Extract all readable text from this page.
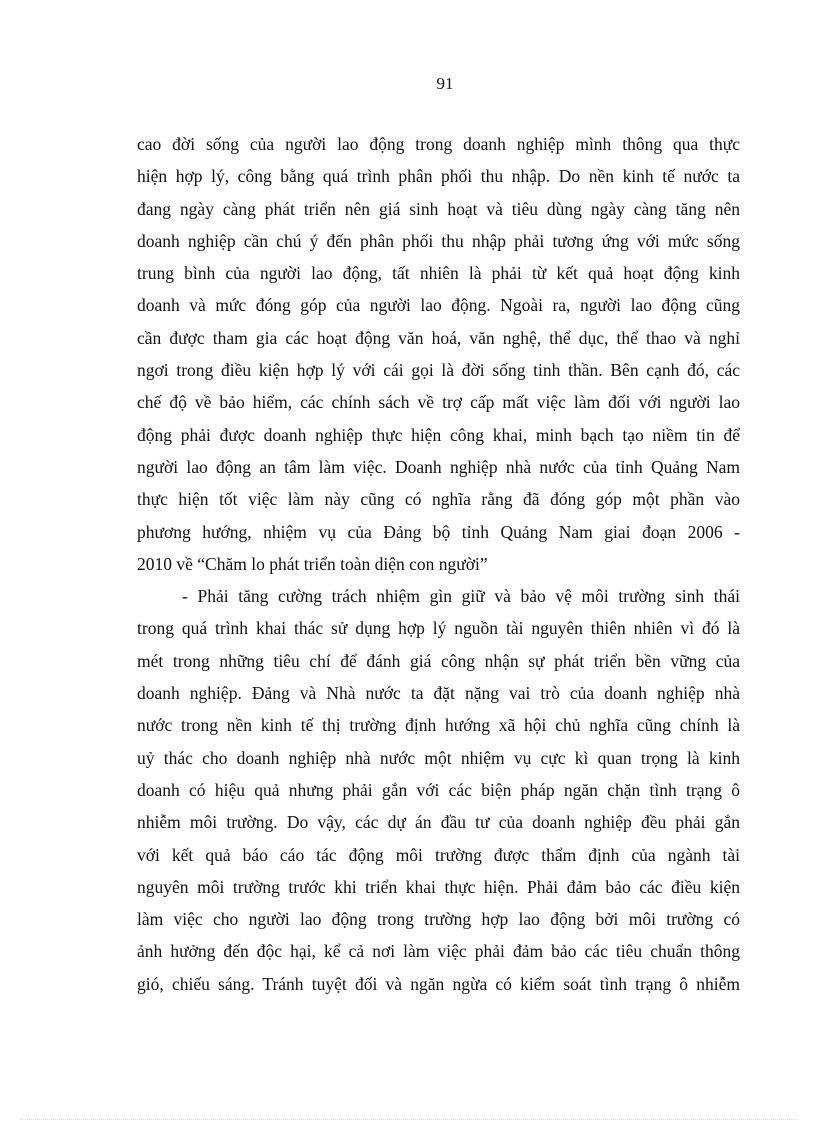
91
cao đời sống của người lao động trong doanh nghiệp mình thông qua thực
hiện hợp lý, công bằng quá trình phân phối thu nhập. Do nền kinh tế nước ta
đang ngày càng phát triển nên giá sinh hoạt và tiêu dùng ngày càng tăng nên
doanh nghiệp cần chú ý đến phân phối thu nhập phải tương ứng với mức sống
trung bình của người lao động, tất nhiên là phải từ kết quả hoạt động kinh
doanh và mức đóng góp của người lao động. Ngoài ra, người lao động cũng
cần được tham gia các hoạt động văn hoá, văn nghệ, thể dục, thể thao và nghỉ
ngơi trong điều kiện hợp lý với cái gọi là đời sống tinh thần. Bên cạnh đó, các
chế độ về bảo hiểm, các chính sách về trợ cấp mất việc làm đối với người lao
động phải được doanh nghiệp thực hiện công khai, minh bạch tạo niềm tin để
người lao động an tâm làm việc. Doanh nghiệp nhà nước của tỉnh Quảng Nam
thực hiện tốt việc làm này cũng có nghĩa rằng đã đóng góp một phần vào
phương hướng, nhiệm vụ của Đảng bộ tỉnh Quảng Nam giai đoạn 2006 -
2010 về “Chăm lo phát triển toàn diện con người”
- Phải tăng cường trách nhiệm gìn giữ và bảo vệ môi trường sinh thái
trong quá trình khai thác sử dụng hợp lý nguồn tài nguyên thiên nhiên vì đó là
mét trong những tiêu chí để đánh giá công nhận sự phát triển bền vững của
doanh nghiệp. Đảng và Nhà nước ta đặt nặng vai trò của doanh nghiệp nhà
nước trong nền kinh tế thị trường định hướng xã hội chủ nghĩa cũng chính là
uỷ thác cho doanh nghiệp nhà nước một nhiệm vụ cực kì quan trọng là kinh
doanh có hiệu quả nhưng phải gắn với các biện pháp ngăn chặn tình trạng ô
nhiễm môi trường. Do vậy, các dự án đầu tư của doanh nghiệp đều phải gắn
với kết quả báo cáo tác động môi trường được thẩm định của ngành tài
nguyên môi trường trước khi triển khai thực hiện. Phải đảm bảo các điều kiện
làm việc cho người lao động trong trường hợp lao động bởi môi trường có
ảnh hưởng đến độc hại, kể cả nơi làm việc phải đảm bảo các tiêu chuẩn thông
gió, chiếu sáng. Tránh tuyệt đối và ngăn ngừa có kiểm soát tình trạng ô nhiễm
